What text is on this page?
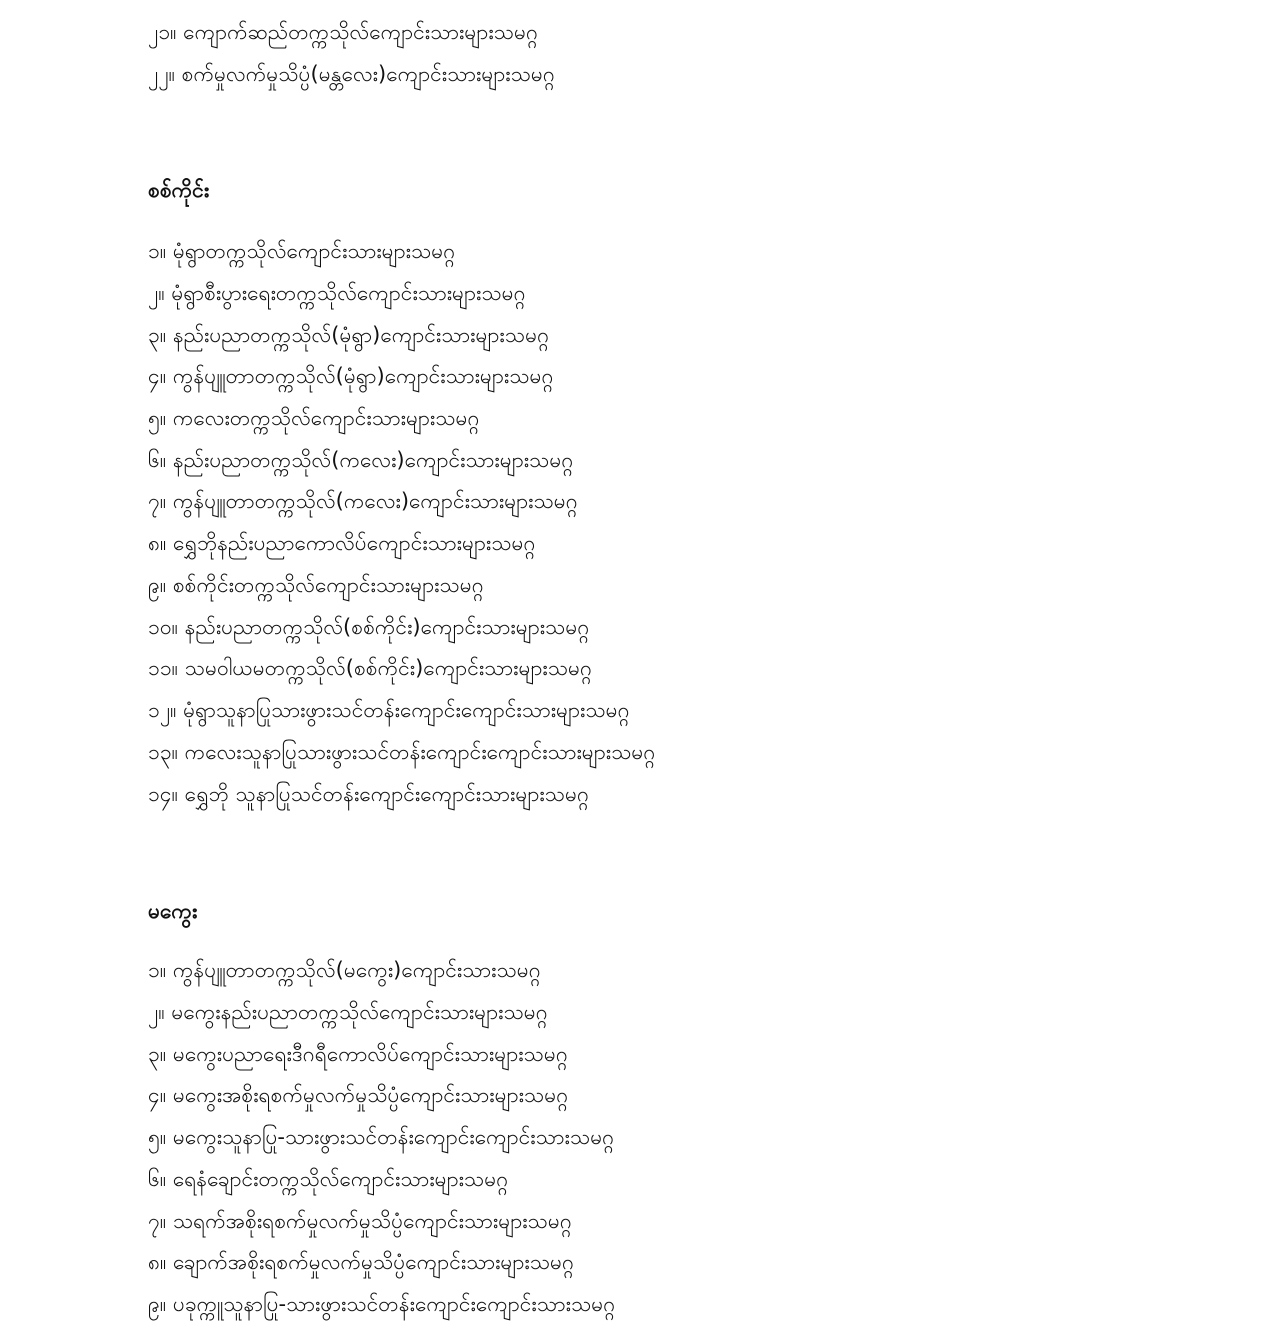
၂၁။ ကျောက်ဆည်တက္ကသိုလ်ကျောင်းသားများသမဂ္ဂ
၂၂။ စက်မှုလက်မှုသိပ္ပံ(မန္တလေး)ကျောင်းသားများသမဂ္ဂ
စစ်ကိုင်း
၁။ မုံရွာတက္ကသိုလ်ကျောင်းသားများသမဂ္ဂ
၂။ မုံရွာစီးပွားရေးတက္ကသိုလ်ကျောင်းသားများသမဂ္ဂ
၃။ နည်းပညာတက္ကသိုလ်(မုံရွာ)ကျောင်းသားများသမဂ္ဂ
၄။ ကွန်ပျူတာတက္ကသိုလ်(မုံရွာ)ကျောင်းသားများသမဂ္ဂ
၅။ ကလေးတက္ကသိုလ်ကျောင်းသားများသမဂ္ဂ
၆။ နည်းပညာတက္ကသိုလ်(ကလေး)ကျောင်းသားများသမဂ္ဂ
၇။ ကွန်ပျူတာတက္ကသိုလ်(ကလေး)ကျောင်းသားများသမဂ္ဂ
၈။ ရွှေဘိုနည်းပညာကောလိပ်ကျောင်းသားများသမဂ္ဂ
၉။ စစ်ကိုင်းတက္ကသိုလ်ကျောင်းသားများသမဂ္ဂ
၁၀။ နည်းပညာတက္ကသိုလ်(စစ်ကိုင်း)ကျောင်းသားများသမဂ္ဂ
၁၁။ သမဝါယမတက္ကသိုလ်(စစ်ကိုင်း)ကျောင်းသားများသမဂ္ဂ
၁၂။ မုံရွာသူနာပြုသားဖွားသင်တန်းကျောင်းကျောင်းသားများသမဂ္ဂ
၁၃။ ကလေးသူနာပြုသားဖွားသင်တန်းကျောင်းကျောင်းသားများသမဂ္ဂ
၁၄။ ရွှေဘို သူနာပြုသင်တန်းကျောင်းကျောင်းသားများသမဂ္ဂ
မကွေး
၁။ ကွန်ပျူတာတက္ကသိုလ်(မကွေး)ကျောင်းသားသမဂ္ဂ
၂။ မကွေးနည်းပညာတက္ကသိုလ်ကျောင်းသားများသမဂ္ဂ
၃။ မကွေးပညာရေးဒီဂရီကောလိပ်ကျောင်းသားများသမဂ္ဂ
၄။ မကွေးအစိုးရစက်မှုလက်မှုသိပ္ပံကျောင်းသားများသမဂ္ဂ
၅။ မကွေးသူနာပြု-သားဖွားသင်တန်းကျောင်းကျောင်းသားသမဂ္ဂ
၆။ ရေနံချောင်းတက္ကသိုလ်ကျောင်းသားများသမဂ္ဂ
၇။ သရက်အစိုးရစက်မှုလက်မှုသိပ္ပံကျောင်းသားများသမဂ္ဂ
၈။ ချောက်အစိုးရစက်မှုလက်မှုသိပ္ပံကျောင်းသားများသမဂ္ဂ
၉။ ပခုက္ကူသူနာပြု-သားဖွားသင်တန်းကျောင်းကျောင်းသားသမဂ္ဂ
